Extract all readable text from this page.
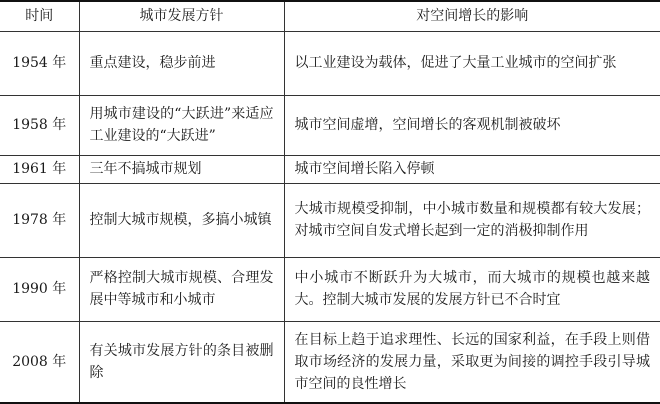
时间	城市发展方针	对空间增长的影响
1954 年	重点建设，稳步前进	以工业建设为载体，促进了大量工业城市的空间扩张
1958 年	用城市建设的“大跃进”来适应工业建设的“大跃进”	城市空间虚增，空间增长的客观机制被破坏
1961 年	三年不搞城市规划	城市空间增长陷入停顿
1978 年	控制大城市规模，多搞小城镇	大城市规模受抑制，中小城市数量和规模都有较大发展；对城市空间自发式增长起到一定的消极抑制作用
1990 年	严格控制大城市规模、合理发展中等城市和小城市	中小城市不断跃升为大城市，而大城市的规模也越来越大。控制大城市发展的发展方针已不合时宜
2008 年	有关城市发展方针的条目被删除	在目标上趋于追求理性、长远的国家利益，在手段上则借取市场经济的发展力量，采取更为间接的调控手段引导城市空间的良性增长
